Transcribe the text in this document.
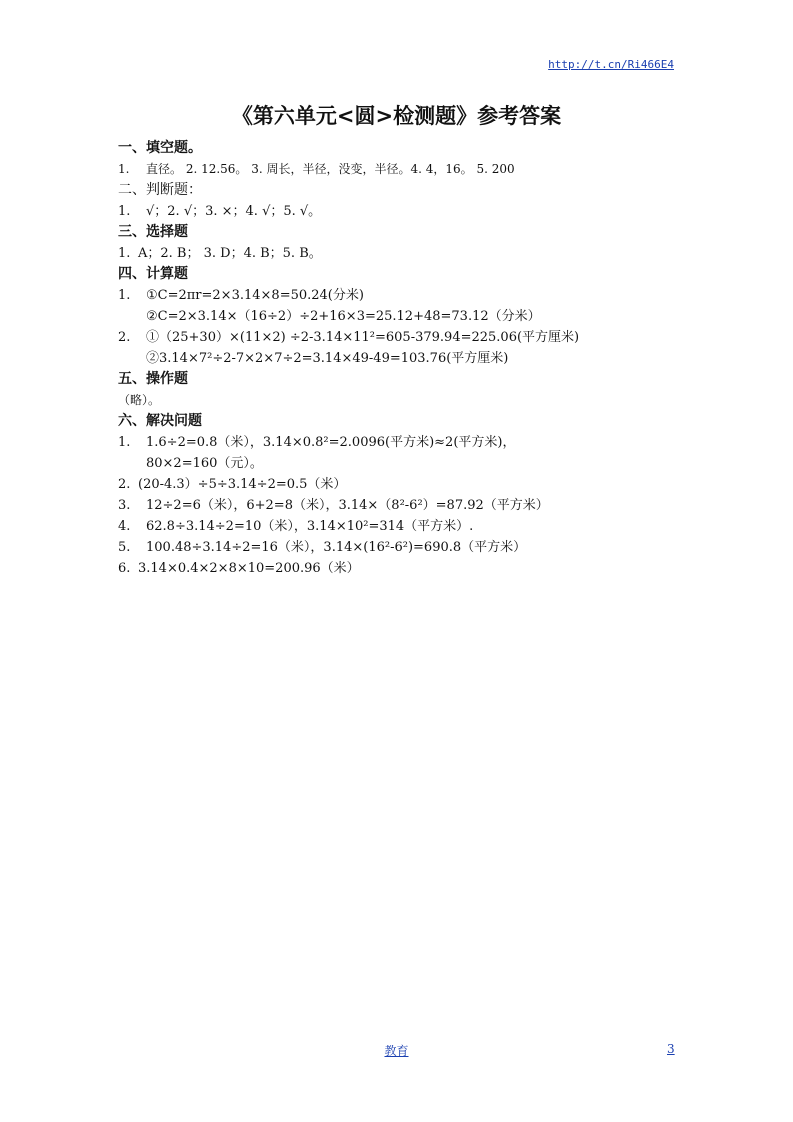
http://t.cn/Ri466E4
《第六单元<圆>检测题》参考答案
一、填空题。
1. 直径。 2. 12.56。 3. 周长，半径，没变，半径。4. 4，16。 5. 200
二、判断题：
1. √；2. √；3. ×；4. √；5. √。
三、选择题
1. A；2. B； 3. D；4. B；5. B。
四、计算题
1. ①C=2πr=2×3.14×8=50.24(分米)
②C=2×3.14×（16÷2）÷2+16×3=25.12+48=73.12（分米）
2. ①（25+30）×(11×2) ÷2-3.14×11²=605-379.94=225.06(平方厘米)
②3.14×7²÷2-7×2×7÷2=3.14×49-49=103.76(平方厘米)
五、操作题
（略）。
六、解决问题
1. 1.6÷2=0.8（米），3.14×0.8²=2.0096(平方米)≈2(平方米)，
80×2=160（元）。
2. (20-4.3）÷5÷3.14÷2=0.5（米）
3. 12÷2=6（米），6+2=8（米），3.14×（8²-6²）=87.92（平方米）
4. 62.8÷3.14÷2=10（米），3.14×10²=314（平方米）.
5. 100.48÷3.14÷2=16（米），3.14×(16²-6²)=690.8（平方米）
6. 3.14×0.4×2×8×10=200.96（米）
教育	3
